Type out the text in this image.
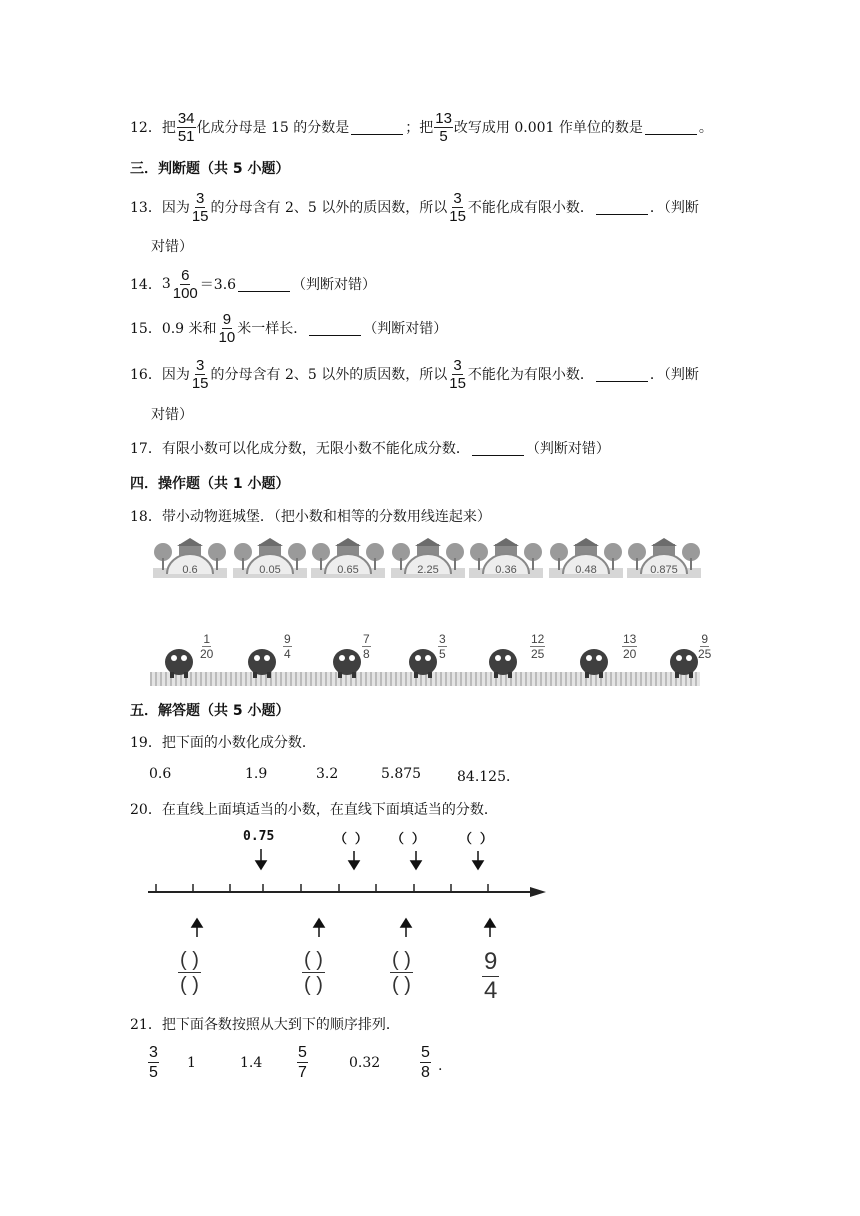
12． 把 $\frac{34}{51}$ 化成分母是 15 的分数是	；把 $\frac{13}{5}$ 改写成用 0.001 作单位的数是	。
三．判断题（共 5 小题）
13． 因为 $\frac{3}{15}$ 的分母含有 2、5 以外的质因数，所以 $\frac{3}{15}$ 不能化成有限小数．	．（判断
对错）
14． $3 \frac{6}{100} =3.6$	（判断对错）
15． 0.9 米和 $\frac{9}{10}$ 米一样长．	（判断对错）
16． 因为 $\frac{3}{15}$ 的分母含有 2、5 以外的质因数，所以 $\frac{3}{15}$ 不能化为有限小数．	．（判断
对错）
17． 有限小数可以化成分数，无限小数不能化成分数．	（判断对错）
四．操作题（共 1 小题）
18． 带小动物逛城堡．（把小数和相等的分数用线连起来）
0.6	0.05	0.65	2.25	0.36	0.48	0.875
$\frac{1}{20}$	$\frac{9}{4}$	$\frac{7}{8}$	$\frac{3}{5}$	$\frac{12}{25}$	$\frac{13}{20}$	$\frac{9}{25}$
五．解答题（共 5 小题）
19． 把下面的小数化成分数．
0.6	1.9	3.2	5.875	84.125．
20． 在直线上面填适当的小数，在直线下面填适当的分数．
0.75	（ ） （ ）	（ ）
( )
( )
( )
( )
( )
( )
9
4
21． 把下面各数按照从大到下的顺序排列．
$\frac{3}{5} 1$	$1.4 \frac{5}{7}$	$0.32 \frac{5}{8}$ .
